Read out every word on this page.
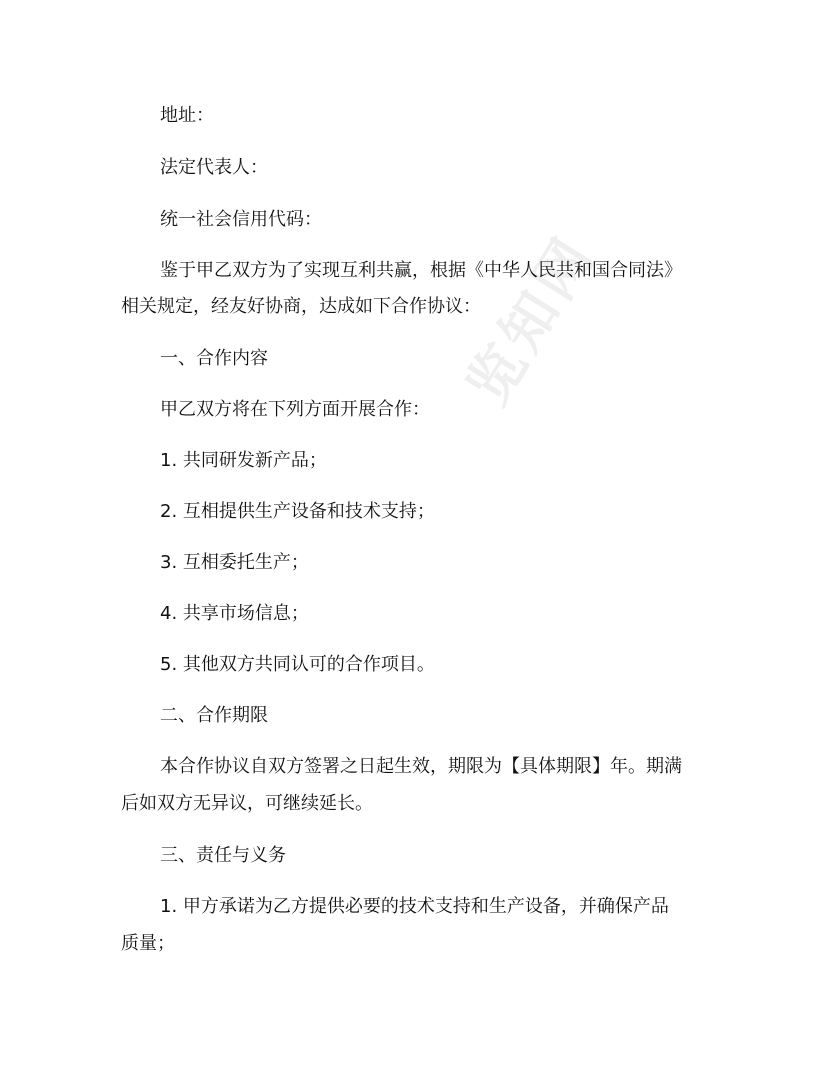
览知网
地址：
法定代表人：
统一社会信用代码：
鉴于甲乙双方为了实现互利共赢，根据《中华人民共和国合同法》
相关规定，经友好协商，达成如下合作协议：
一、合作内容
甲乙双方将在下列方面开展合作：
1. 共同研发新产品；
2. 互相提供生产设备和技术支持；
3. 互相委托生产；
4. 共享市场信息；
5. 其他双方共同认可的合作项目。
二、合作期限
本合作协议自双方签署之日起生效，期限为【具体期限】年。期满
后如双方无异议，可继续延长。
三、责任与义务
1. 甲方承诺为乙方提供必要的技术支持和生产设备，并确保产品
质量；
